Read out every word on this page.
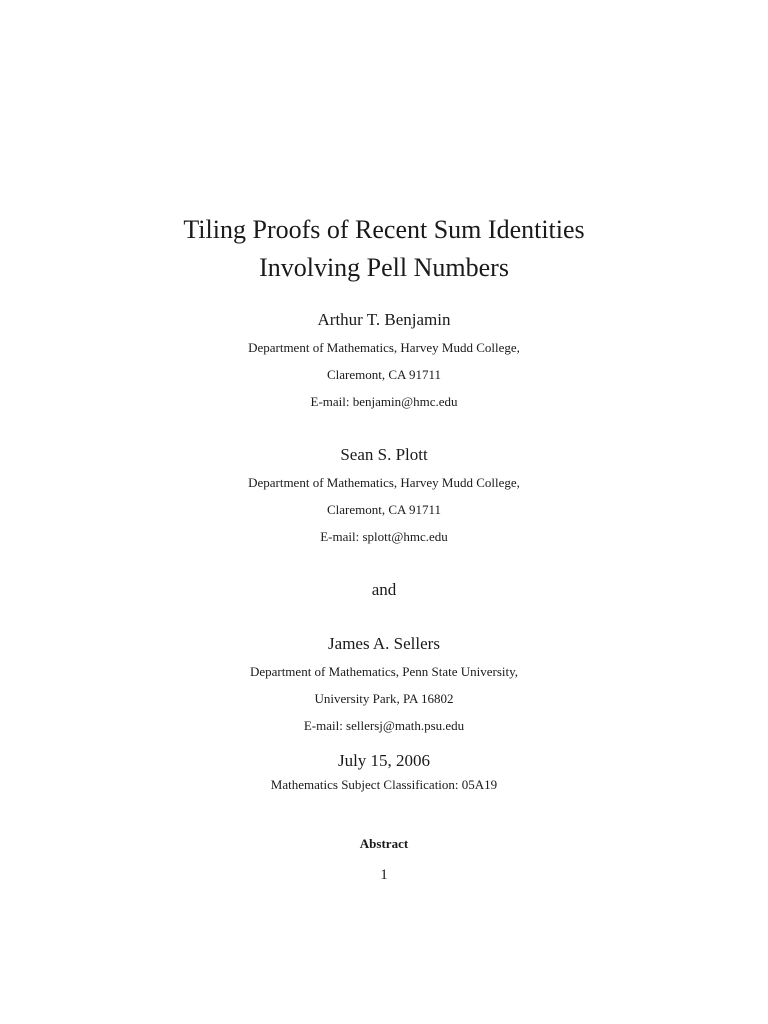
Tiling Proofs of Recent Sum Identities
Involving Pell Numbers
Arthur T. Benjamin
Department of Mathematics, Harvey Mudd College,
Claremont, CA 91711
E-mail: benjamin@hmc.edu
Sean S. Plott
Department of Mathematics, Harvey Mudd College,
Claremont, CA 91711
E-mail: splott@hmc.edu
and
James A. Sellers
Department of Mathematics, Penn State University,
University Park, PA 16802
E-mail: sellersj@math.psu.edu
July 15, 2006
Mathematics Subject Classification: 05A19
Abstract
1
